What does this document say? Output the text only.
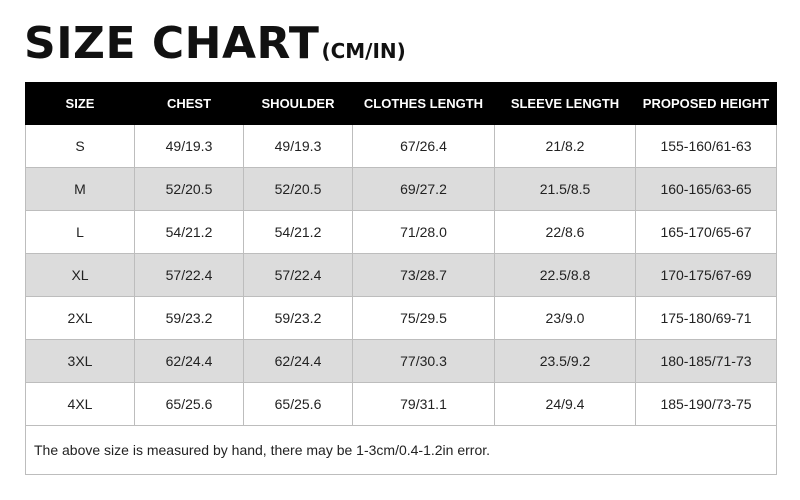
SIZE CHART (CM/IN)
SIZE	CHEST	SHOULDER	CLOTHES LENGTH	SLEEVE LENGTH	PROPOSED HEIGHT
S	49/19.3	49/19.3	67/26.4	21/8.2	155-160/61-63
M	52/20.5	52/20.5	69/27.2	21.5/8.5	160-165/63-65
L	54/21.2	54/21.2	71/28.0	22/8.6	165-170/65-67
XL	57/22.4	57/22.4	73/28.7	22.5/8.8	170-175/67-69
2XL	59/23.2	59/23.2	75/29.5	23/9.0	175-180/69-71
3XL	62/24.4	62/24.4	77/30.3	23.5/9.2	180-185/71-73
4XL	65/25.6	65/25.6	79/31.1	24/9.4	185-190/73-75
The above size is measured by hand, there may be 1-3cm/0.4-1.2in error.					
